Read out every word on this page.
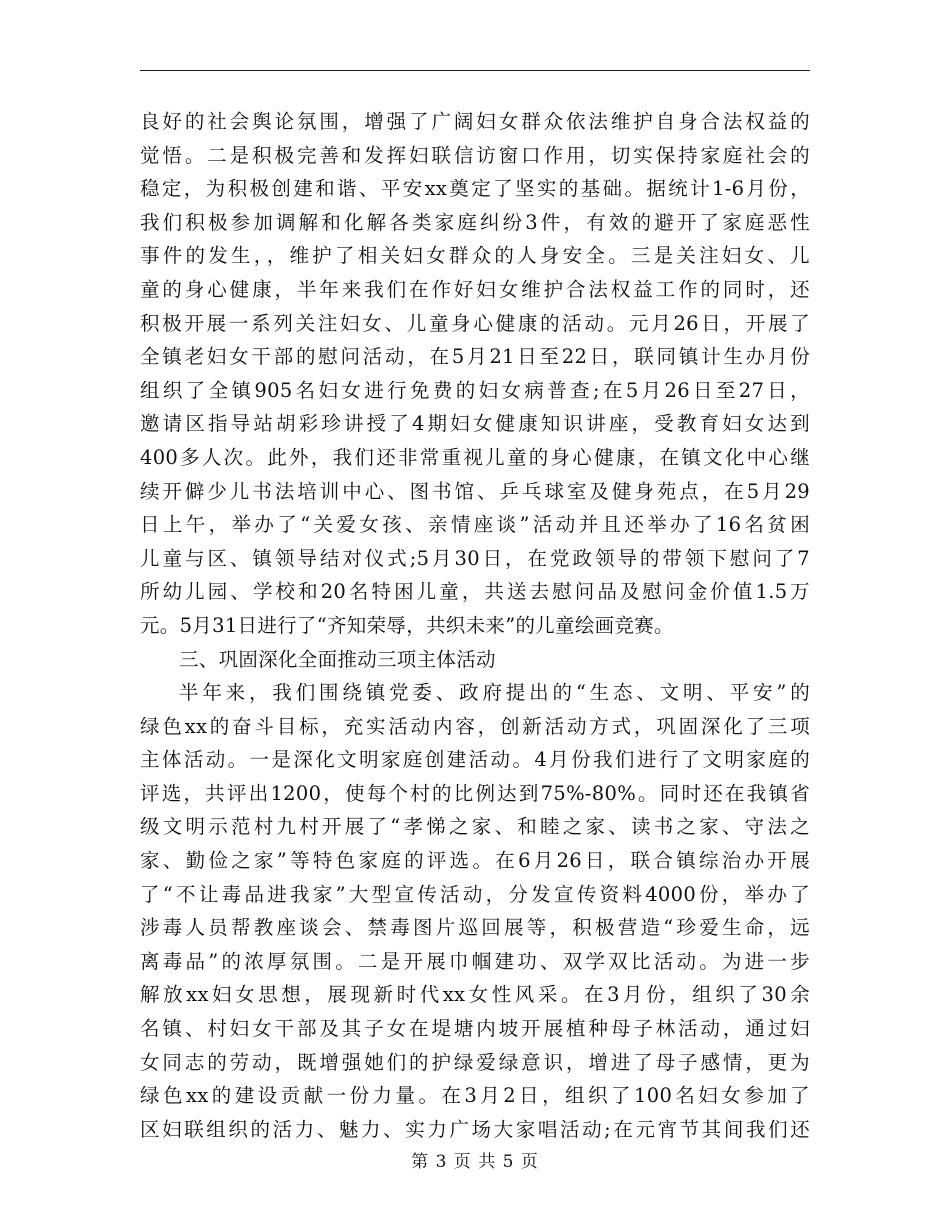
良好的社会舆论氛围，增强了广阔妇女群众依法维护自身合法权益的
觉悟。二是积极完善和发挥妇联信访窗口作用，切实保持家庭社会的
稳定，为积极创建和谐、平安xx奠定了坚实的基础。据统计1-6月份，
我们积极参加调解和化解各类家庭纠纷3件，有效的避开了家庭恶性
事件的发生，，维护了相关妇女群众的人身安全。三是关注妇女、儿
童的身心健康，半年来我们在作好妇女维护合法权益工作的同时，还
积极开展一系列关注妇女、儿童身心健康的活动。元月26日，开展了
全镇老妇女干部的慰问活动，在5月21日至22日，联同镇计生办月份
组织了全镇905名妇女进行免费的妇女病普查;在5月26日至27日，
邀请区指导站胡彩珍讲授了4期妇女健康知识讲座，受教育妇女达到
400多人次。此外，我们还非常重视儿童的身心健康，在镇文化中心继
续开僻少儿书法培训中心、图书馆、乒乓球室及健身苑点，在5月29
日上午，举办了“关爱女孩、亲情座谈”活动并且还举办了16名贫困
儿童与区、镇领导结对仪式;5月30日，在党政领导的带领下慰问了7
所幼儿园、学校和20名特困儿童，共送去慰问品及慰问金价值1.5万
元。5月31日进行了“齐知荣辱，共织未来”的儿童绘画竞赛。
三、巩固深化全面推动三项主体活动
半年来，我们围绕镇党委、政府提出的“生态、文明、平安”的
绿色xx的奋斗目标，充实活动内容，创新活动方式，巩固深化了三项
主体活动。一是深化文明家庭创建活动。4月份我们进行了文明家庭的
评选，共评出1200，使每个村的比例达到75%-80%。同时还在我镇省
级文明示范村九村开展了“孝悌之家、和睦之家、读书之家、守法之
家、勤俭之家”等特色家庭的评选。在6月26日，联合镇综治办开展
了“不让毒品进我家”大型宣传活动，分发宣传资料4000份，举办了
涉毒人员帮教座谈会、禁毒图片巡回展等，积极营造“珍爱生命，远
离毒品”的浓厚氛围。二是开展巾帼建功、双学双比活动。为进一步
解放xx妇女思想，展现新时代xx女性风采。在3月份，组织了30余
名镇、村妇女干部及其子女在堤塘内坡开展植种母子林活动，通过妇
女同志的劳动，既增强她们的护绿爱绿意识，增进了母子感情，更为
绿色xx的建设贡献一份力量。在3月2日，组织了100名妇女参加了
区妇联组织的活力、魅力、实力广场大家唱活动;在元宵节其间我们还
第 3 页 共 5 页
